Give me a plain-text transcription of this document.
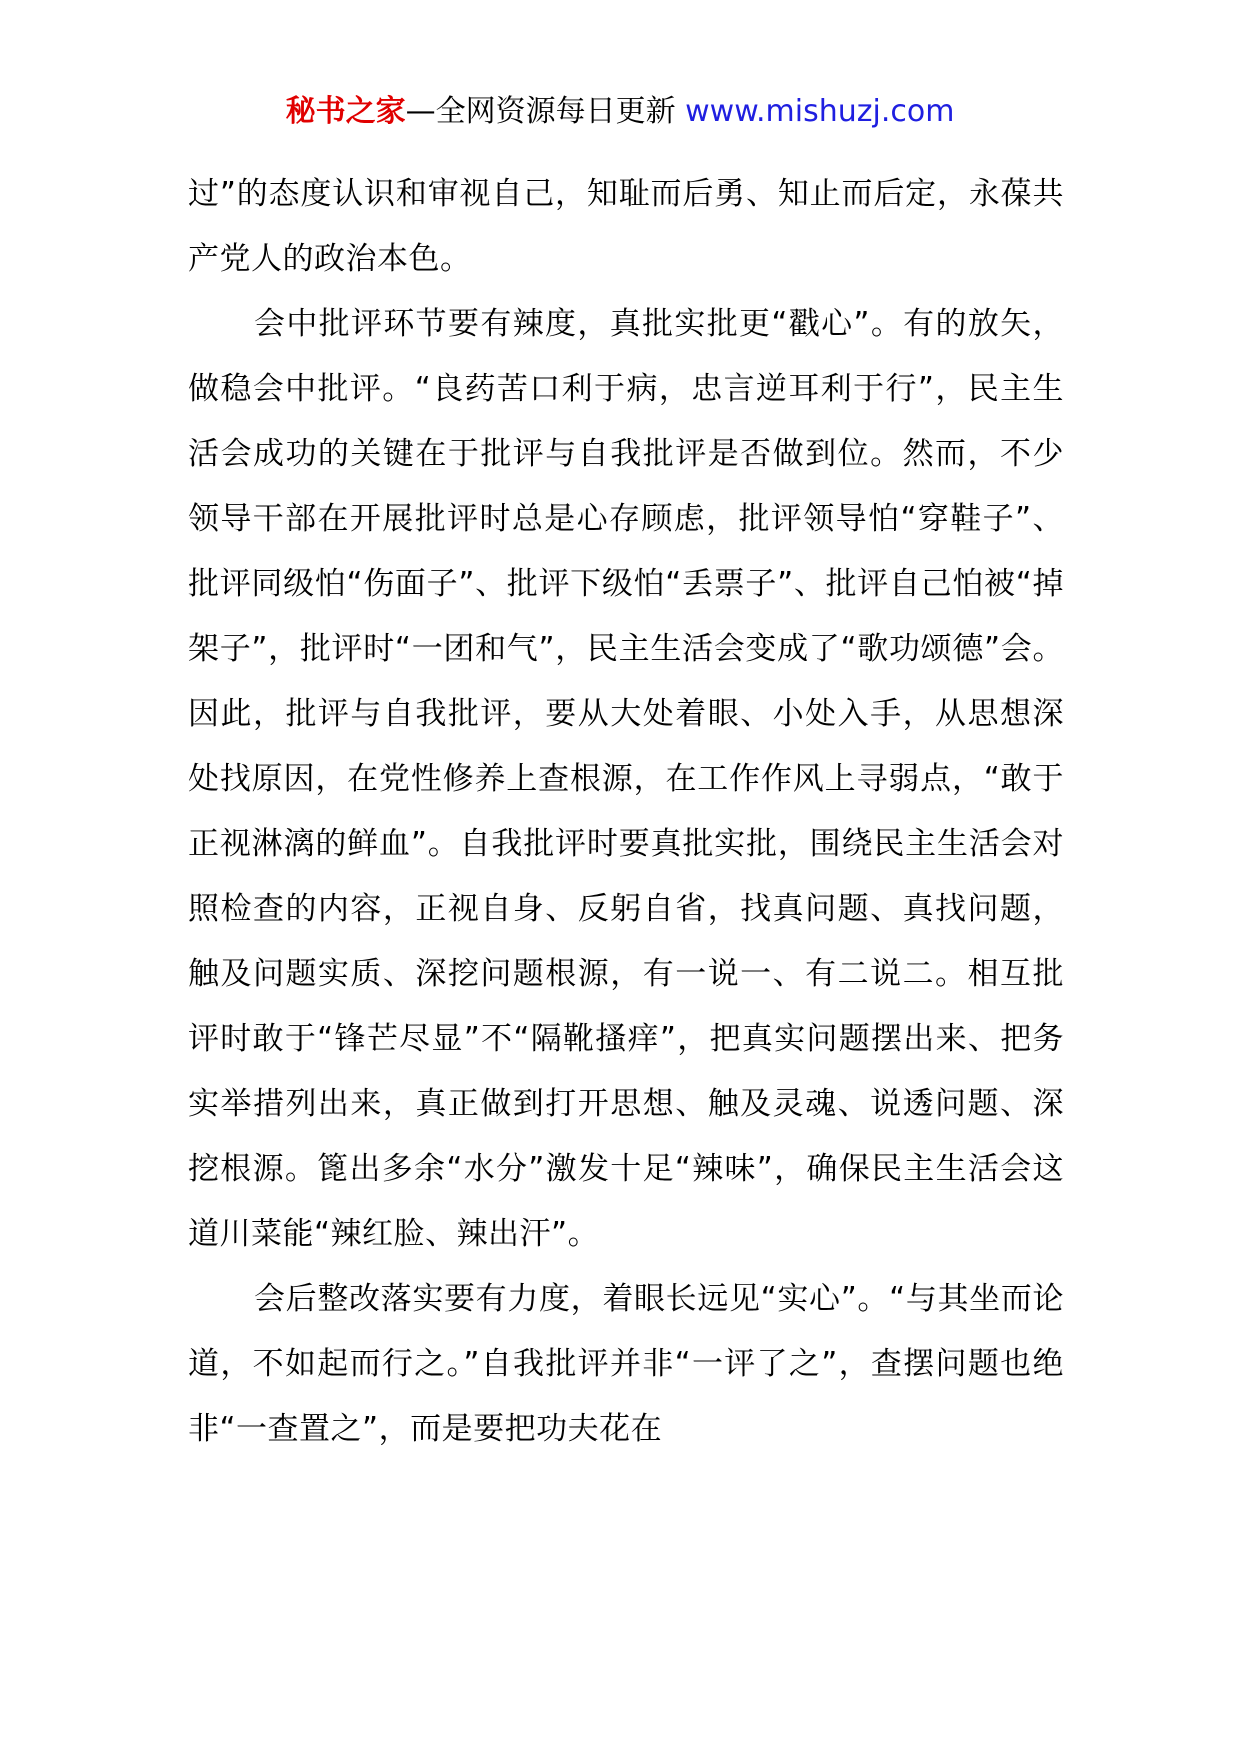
秘书之家—全网资源每日更新 www.mishuzj.com

过”的态度认识和审视自己，知耻而后勇、知止而后定，永葆共产党人的政治本色。

会中批评环节要有辣度，真批实批更“戳心”。有的放矢，做稳会中批评。“良药苦口利于病，忠言逆耳利于行”，民主生活会成功的关键在于批评与自我批评是否做到位。然而，不少领导干部在开展批评时总是心存顾虑，批评领导怕“穿鞋子”、批评同级怕“伤面子”、批评下级怕“丢票子”、批评自己怕被“掉架子”，批评时“一团和气”，民主生活会变成了“歌功颂德”会。因此，批评与自我批评，要从大处着眼、小处入手，从思想深处找原因，在党性修养上查根源，在工作作风上寻弱点，“敢于正视淋漓的鲜血”。自我批评时要真批实批，围绕民主生活会对照检查的内容，正视自身、反躬自省，找真问题、真找问题，触及问题实质、深挖问题根源，有一说一、有二说二。相互批评时敢于“锋芒尽显”不“隔靴搔痒”，把真实问题摆出来、把务实举措列出来，真正做到打开思想、触及灵魂、说透问题、深挖根源。篦出多余“水分”激发十足“辣味”，确保民主生活会这道川菜能“辣红脸、辣出汗”。

会后整改落实要有力度，着眼长远见“实心”。“与其坐而论道，不如起而行之。”自我批评并非“一评了之”，查摆问题也绝非“一查置之”，而是要把功夫花在
